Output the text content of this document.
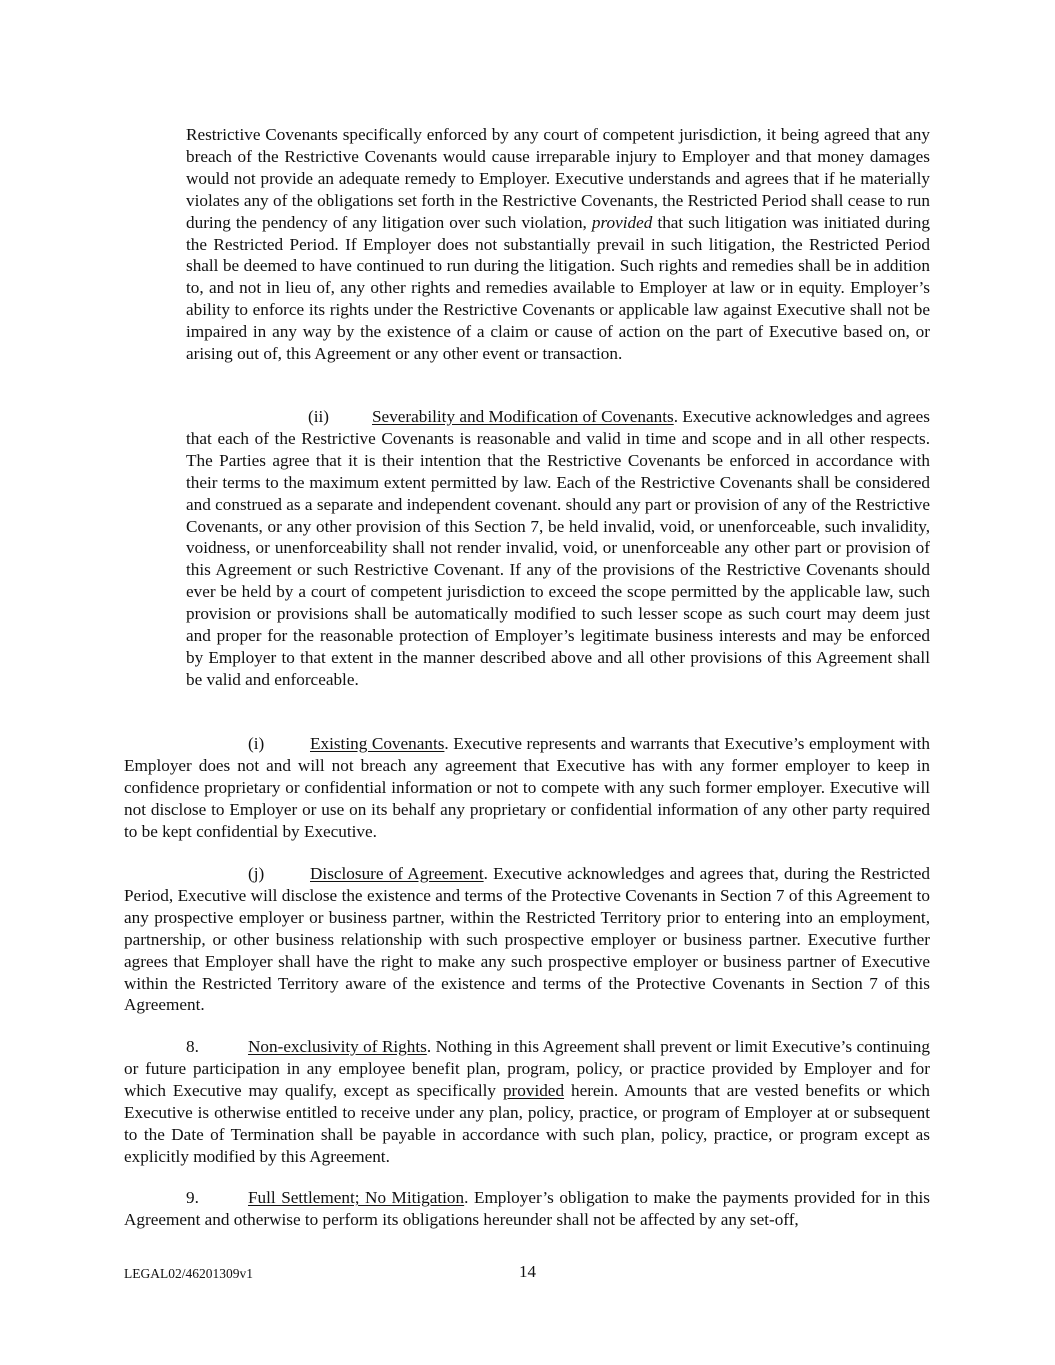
Restrictive Covenants specifically enforced by any court of competent jurisdiction, it being agreed that any breach of the Restrictive Covenants would cause irreparable injury to Employer and that money damages would not provide an adequate remedy to Employer. Executive understands and agrees that if he materially violates any of the obligations set forth in the Restrictive Covenants, the Restricted Period shall cease to run during the pendency of any litigation over such violation, provided that such litigation was initiated during the Restricted Period. If Employer does not substantially prevail in such litigation, the Restricted Period shall be deemed to have continued to run during the litigation. Such rights and remedies shall be in addition to, and not in lieu of, any other rights and remedies available to Employer at law or in equity. Employer’s ability to enforce its rights under the Restrictive Covenants or applicable law against Executive shall not be impaired in any way by the existence of a claim or cause of action on the part of Executive based on, or arising out of, this Agreement or any other event or transaction.

(ii)	Severability and Modification of Covenants. Executive acknowledges and agrees that each of the Restrictive Covenants is reasonable and valid in time and scope and in all other respects. The Parties agree that it is their intention that the Restrictive Covenants be enforced in accordance with their terms to the maximum extent permitted by law. Each of the Restrictive Covenants shall be considered and construed as a separate and independent covenant. should any part or provision of any of the Restrictive Covenants, or any other provision of this Section 7, be held invalid, void, or unenforceable, such invalidity, voidness, or unenforceability shall not render invalid, void, or unenforceable any other part or provision of this Agreement or such Restrictive Covenant. If any of the provisions of the Restrictive Covenants should ever be held by a court of competent jurisdiction to exceed the scope permitted by the applicable law, such provision or provisions shall be automatically modified to such lesser scope as such court may deem just and proper for the reasonable protection of Employer’s legitimate business interests and may be enforced by Employer to that extent in the manner described above and all other provisions of this Agreement shall be valid and enforceable.

(i)	Existing Covenants. Executive represents and warrants that Executive’s employment with Employer does not and will not breach any agreement that Executive has with any former employer to keep in confidence proprietary or confidential information or not to compete with any such former employer. Executive will not disclose to Employer or use on its behalf any proprietary or confidential information of any other party required to be kept confidential by Executive.

(j)	Disclosure of Agreement. Executive acknowledges and agrees that, during the Restricted Period, Executive will disclose the existence and terms of the Protective Covenants in Section 7 of this Agreement to any prospective employer or business partner, within the Restricted Territory prior to entering into an employment, partnership, or other business relationship with such prospective employer or business partner. Executive further agrees that Employer shall have the right to make any such prospective employer or business partner of Executive within the Restricted Territory aware of the existence and terms of the Protective Covenants in Section 7 of this Agreement.

8.	Non-exclusivity of Rights. Nothing in this Agreement shall prevent or limit Executive’s continuing or future participation in any employee benefit plan, program, policy, or practice provided by Employer and for which Executive may qualify, except as specifically provided herein. Amounts that are vested benefits or which Executive is otherwise entitled to receive under any plan, policy, practice, or program of Employer at or subsequent to the Date of Termination shall be payable in accordance with such plan, policy, practice, or program except as explicitly modified by this Agreement.

9.	Full Settlement; No Mitigation. Employer’s obligation to make the payments provided for in this Agreement and otherwise to perform its obligations hereunder shall not be affected by any set-off,

LEGAL02/46201309v1	14
